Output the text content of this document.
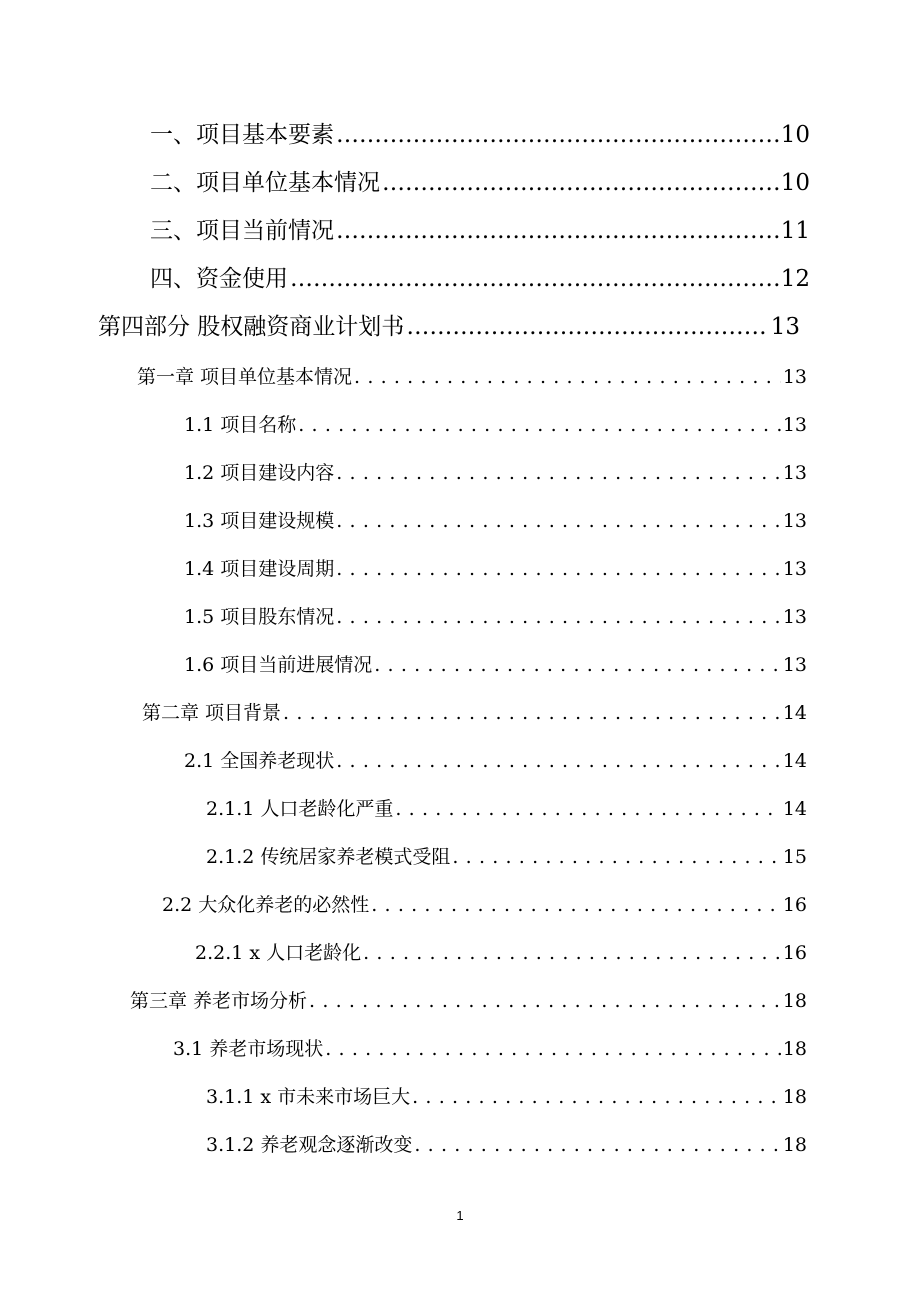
一、项目基本要素 ……………………………………………………………………………………………………………………………………………………………………………………………………………………	10
二、项目单位基本情况 ……………………………………………………………………………………………………………………………………………………………………………………………………………………	10
三、项目当前情况 ……………………………………………………………………………………………………………………………………………………………………………………………………………………	11
四、资金使用 ……………………………………………………………………………………………………………………………………………………………………………………………………………………	12
第四部分 股权融资商业计划书 ……………………………………………………………………………………………………………………………………………………………………………………………………………………	13
第一章 项目单位基本情况 . . .	13
1.1 项目名称 . . .	13
1.2 项目建设内容 . . .	13
1.3 项目建设规模 . . .	13
1.4 项目建设周期 . . .	13
1.5 项目股东情况 . . .	13
1.6 项目当前进展情况 . . .	13
第二章 项目背景 . . .	14
2.1 全国养老现状 . . .	14
2.1.1 人口老龄化严重 . . .	14
2.1.2 传统居家养老模式受阻 . . .	15
2.2 大众化养老的必然性 . . .	16
2.2.1 x 人口老龄化 . . .	16
第三章 养老市场分析 . . .	18
3.1 养老市场现状 . . .	18
3.1.1 x 市未来市场巨大 . . .	18
3.1.2 养老观念逐渐改变 . . .	18
1
